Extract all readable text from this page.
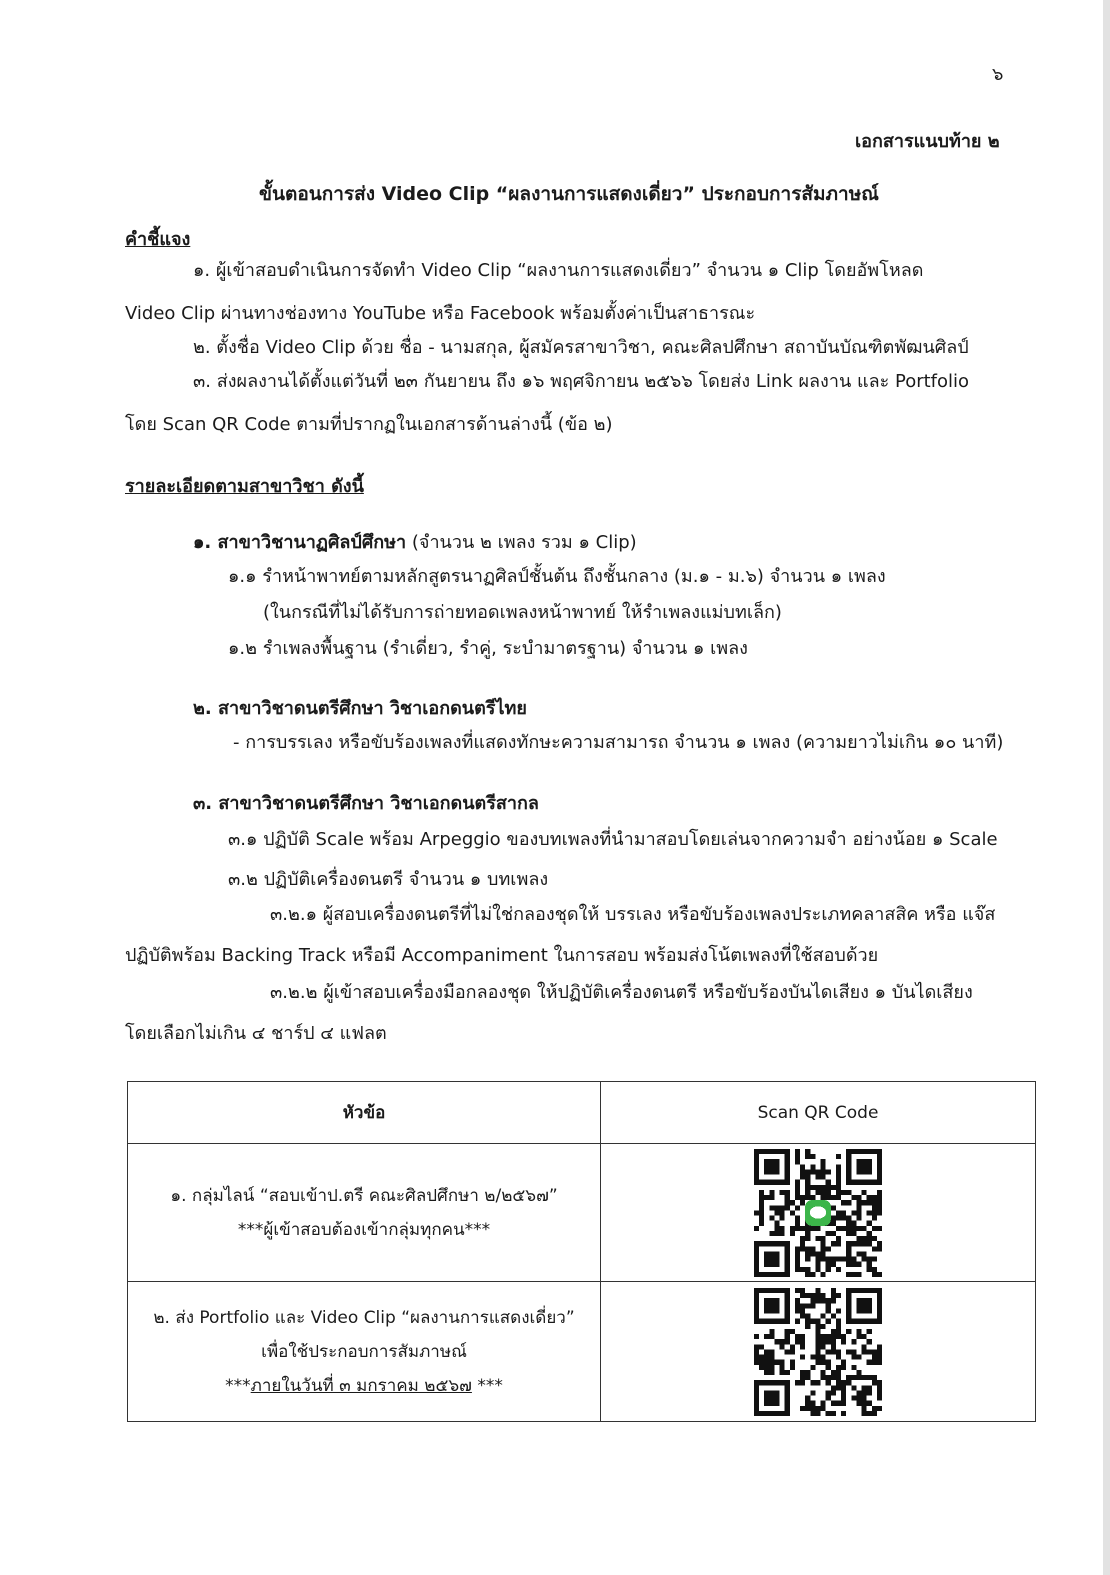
๖
เอกสารแนบท้าย ๒
ขั้นตอนการส่ง Video Clip “ผลงานการแสดงเดี่ยว” ประกอบการสัมภาษณ์
คำชี้แจง
๑. ผู้เข้าสอบดำเนินการจัดทำ Video Clip “ผลงานการแสดงเดี่ยว” จำนวน ๑ Clip โดยอัพโหลด
Video Clip ผ่านทางช่องทาง YouTube หรือ Facebook พร้อมตั้งค่าเป็นสาธารณะ
๒. ตั้งชื่อ Video Clip ด้วย ชื่อ - นามสกุล, ผู้สมัครสาขาวิชา, คณะศิลปศึกษา สถาบันบัณฑิตพัฒนศิลป์
๓. ส่งผลงานได้ตั้งแต่วันที่ ๒๓ กันยายน ถึง ๑๖ พฤศจิกายน ๒๕๖๖ โดยส่ง Link ผลงาน และ Portfolio
โดย Scan QR Code ตามที่ปรากฏในเอกสารด้านล่างนี้ (ข้อ ๒)
รายละเอียดตามสาขาวิชา ดังนี้
๑. สาขาวิชานาฏศิลป์ศึกษา (จำนวน ๒ เพลง รวม ๑ Clip)
๑.๑ รำหน้าพาทย์ตามหลักสูตรนาฏศิลป์ชั้นต้น ถึงชั้นกลาง (ม.๑ - ม.๖) จำนวน ๑ เพลง
(ในกรณีที่ไม่ได้รับการถ่ายทอดเพลงหน้าพาทย์ ให้รำเพลงแม่บทเล็ก)
๑.๒ รำเพลงพื้นฐาน (รำเดี่ยว, รำคู่, ระบำมาตรฐาน) จำนวน ๑ เพลง
๒. สาขาวิชาดนตรีศึกษา วิชาเอกดนตรีไทย
- การบรรเลง หรือขับร้องเพลงที่แสดงทักษะความสามารถ จำนวน ๑ เพลง (ความยาวไม่เกิน ๑๐ นาที)
๓. สาขาวิชาดนตรีศึกษา วิชาเอกดนตรีสากล
๓.๑ ปฏิบัติ Scale พร้อม Arpeggio ของบทเพลงที่นำมาสอบโดยเล่นจากความจำ อย่างน้อย ๑ Scale
๓.๒ ปฏิบัติเครื่องดนตรี จำนวน ๑ บทเพลง
๓.๒.๑ ผู้สอบเครื่องดนตรีที่ไม่ใช่กลองชุดให้ บรรเลง หรือขับร้องเพลงประเภทคลาสสิค หรือ แจ๊ส
ปฏิบัติพร้อม Backing Track หรือมี Accompaniment ในการสอบ พร้อมส่งโน้ตเพลงที่ใช้สอบด้วย
๓.๒.๒ ผู้เข้าสอบเครื่องมือกลองชุด ให้ปฏิบัติเครื่องดนตรี หรือขับร้องบันไดเสียง ๑ บันไดเสียง
โดยเลือกไม่เกิน ๔ ชาร์ป ๔ แฟลต
หัวข้อ	Scan QR Code

๑. กลุ่มไลน์ “สอบเข้าป.ตรี คณะศิลปศึกษา ๒/๒๕๖๗”
***ผู้เข้าสอบต้องเข้ากลุ่มทุกคน***

๒. ส่ง Portfolio และ Video Clip “ผลงานการแสดงเดี่ยว”
เพื่อใช้ประกอบการสัมภาษณ์
***ภายในวันที่ ๓ มกราคม ๒๕๖๗ ***
